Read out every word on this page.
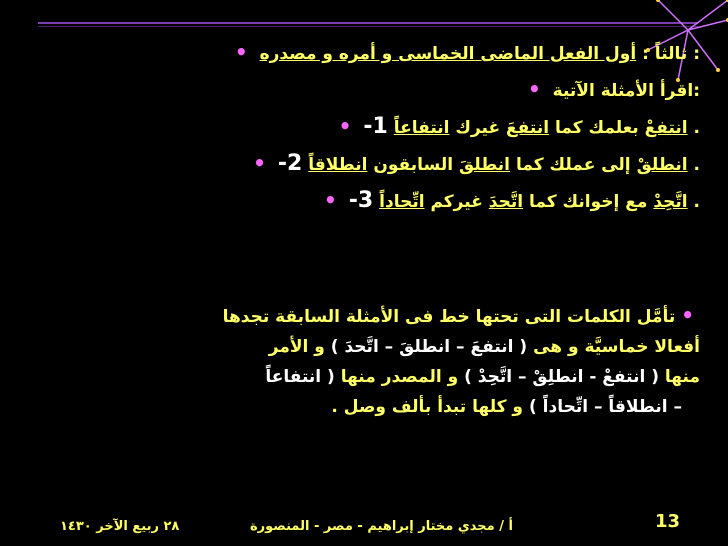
: ثالثاً : أول الفعل الماضى الخماسى و أمره و مصدره •
:اقرأ الأمثلة الآتية •
. انتفعْ بعلمك كما انتفعَ غيرك انتفاعاً 1- •
. انطلقْ إلى عملك كما انطلقَ السابقون انطلاقاً 2- •
. اتَّحِدْ مع إخوانك كما اتَّحدَ غيركم اتِّحاداً 3- •
• تأمَّل الكلمات التى تحتها خط فى الأمثلة السابقة تجدها
أفعالا خماسيَّة و هى ( انتفعَ – انطلقَ – اتَّحدَ ) و الأمر
منها ( انتفعْ - انطلِقْ – اتَّحِدْ ) و المصدر منها ( انتفاعاً
– انطلاقاً – اتِّحاداً ) و كلها تبدأ بألف وصل .
٢٨ ربيع الآخر ١٤٣٠	أ / مجدي مختار إبراهيم - مصر - المنصورة	13
